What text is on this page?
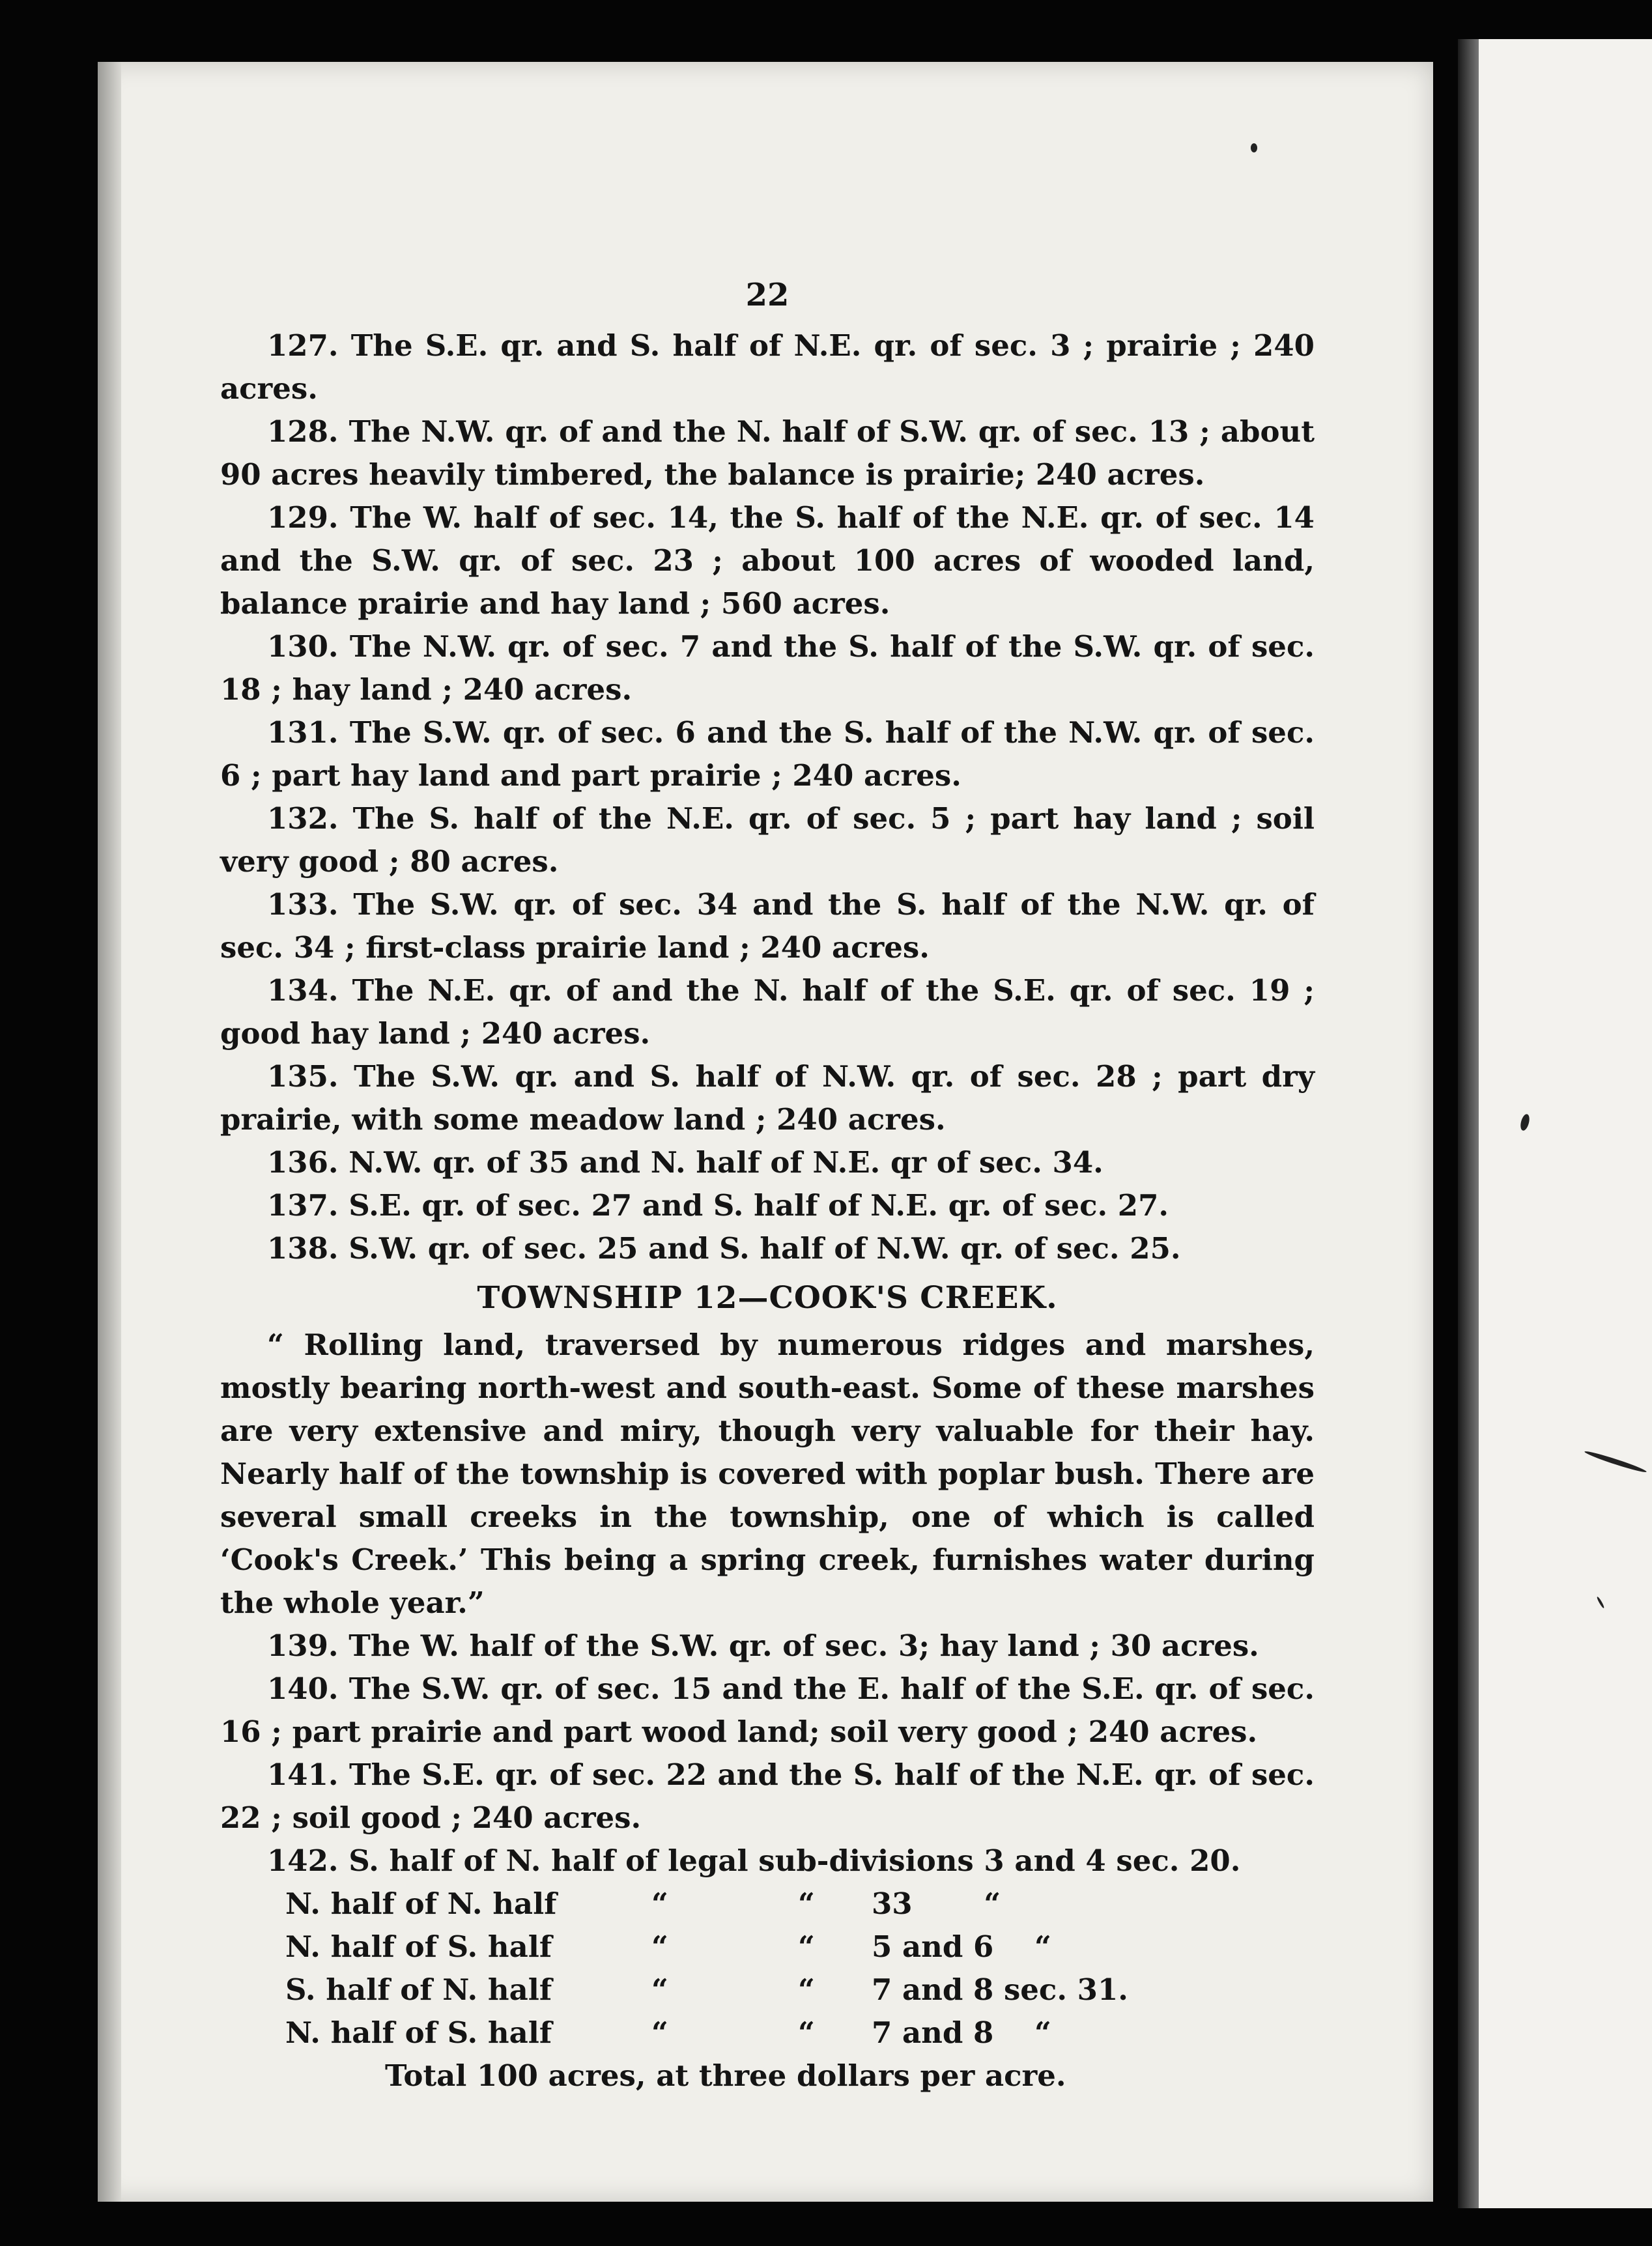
22
127. The S.E. qr. and S. half of N.E. qr. of sec. 3 ; prairie ; 240 acres.
128. The N.W. qr. of and the N. half of S.W. qr. of sec. 13 ; about 90 acres heavily timbered, the balance is prairie; 240 acres.
129. The W. half of sec. 14, the S. half of the N.E. qr. of sec. 14 and the S.W. qr. of sec. 23 ; about 100 acres of wooded land, balance prairie and hay land ; 560 acres.
130. The N.W. qr. of sec. 7 and the S. half of the S.W. qr. of sec. 18 ; hay land ; 240 acres.
131. The S.W. qr. of sec. 6 and the S. half of the N.W. qr. of sec. 6 ; part hay land and part prairie ; 240 acres.
132. The S. half of the N.E. qr. of sec. 5 ; part hay land ; soil very good ; 80 acres.
133. The S.W. qr. of sec. 34 and the S. half of the N.W. qr. of sec. 34 ; first-class prairie land ; 240 acres.
134. The N.E. qr. of and the N. half of the S.E. qr. of sec. 19 ; good hay land ; 240 acres.
135. The S.W. qr. and S. half of N.W. qr. of sec. 28 ; part dry prairie, with some meadow land ; 240 acres.
136. N.W. qr. of 35 and N. half of N.E. qr of sec. 34.
137. S.E. qr. of sec. 27 and S. half of N.E. qr. of sec. 27.
138. S.W. qr. of sec. 25 and S. half of N.W. qr. of sec. 25.
TOWNSHIP 12—COOK'S CREEK.
“ Rolling land, traversed by numerous ridges and marshes, mostly bearing north-west and south-east. Some of these marshes are very extensive and miry, though very valuable for their hay. Nearly half of the township is covered with poplar bush. There are several small creeks in the township, one of which is called ‘Cook's Creek.’ This being a spring creek, furnishes water during the whole year.”
139. The W. half of the S.W. qr. of sec. 3; hay land ; 30 acres.
140. The S.W. qr. of sec. 15 and the E. half of the S.E. qr. of sec. 16 ; part prairie and part wood land; soil very good ; 240 acres.
141. The S.E. qr. of sec. 22 and the S. half of the N.E. qr. of sec. 22 ; soil good ; 240 acres.
142. S. half of N. half of legal sub-divisions 3 and 4 sec. 20.
N. half of N. half	“	“	33 “
N. half of S. half	“	“	5 and 6 “
S. half of N. half	“	“	7 and 8 sec. 31.
N. half of S. half	“	“	7 and 8 “
Total 100 acres, at three dollars per acre.
